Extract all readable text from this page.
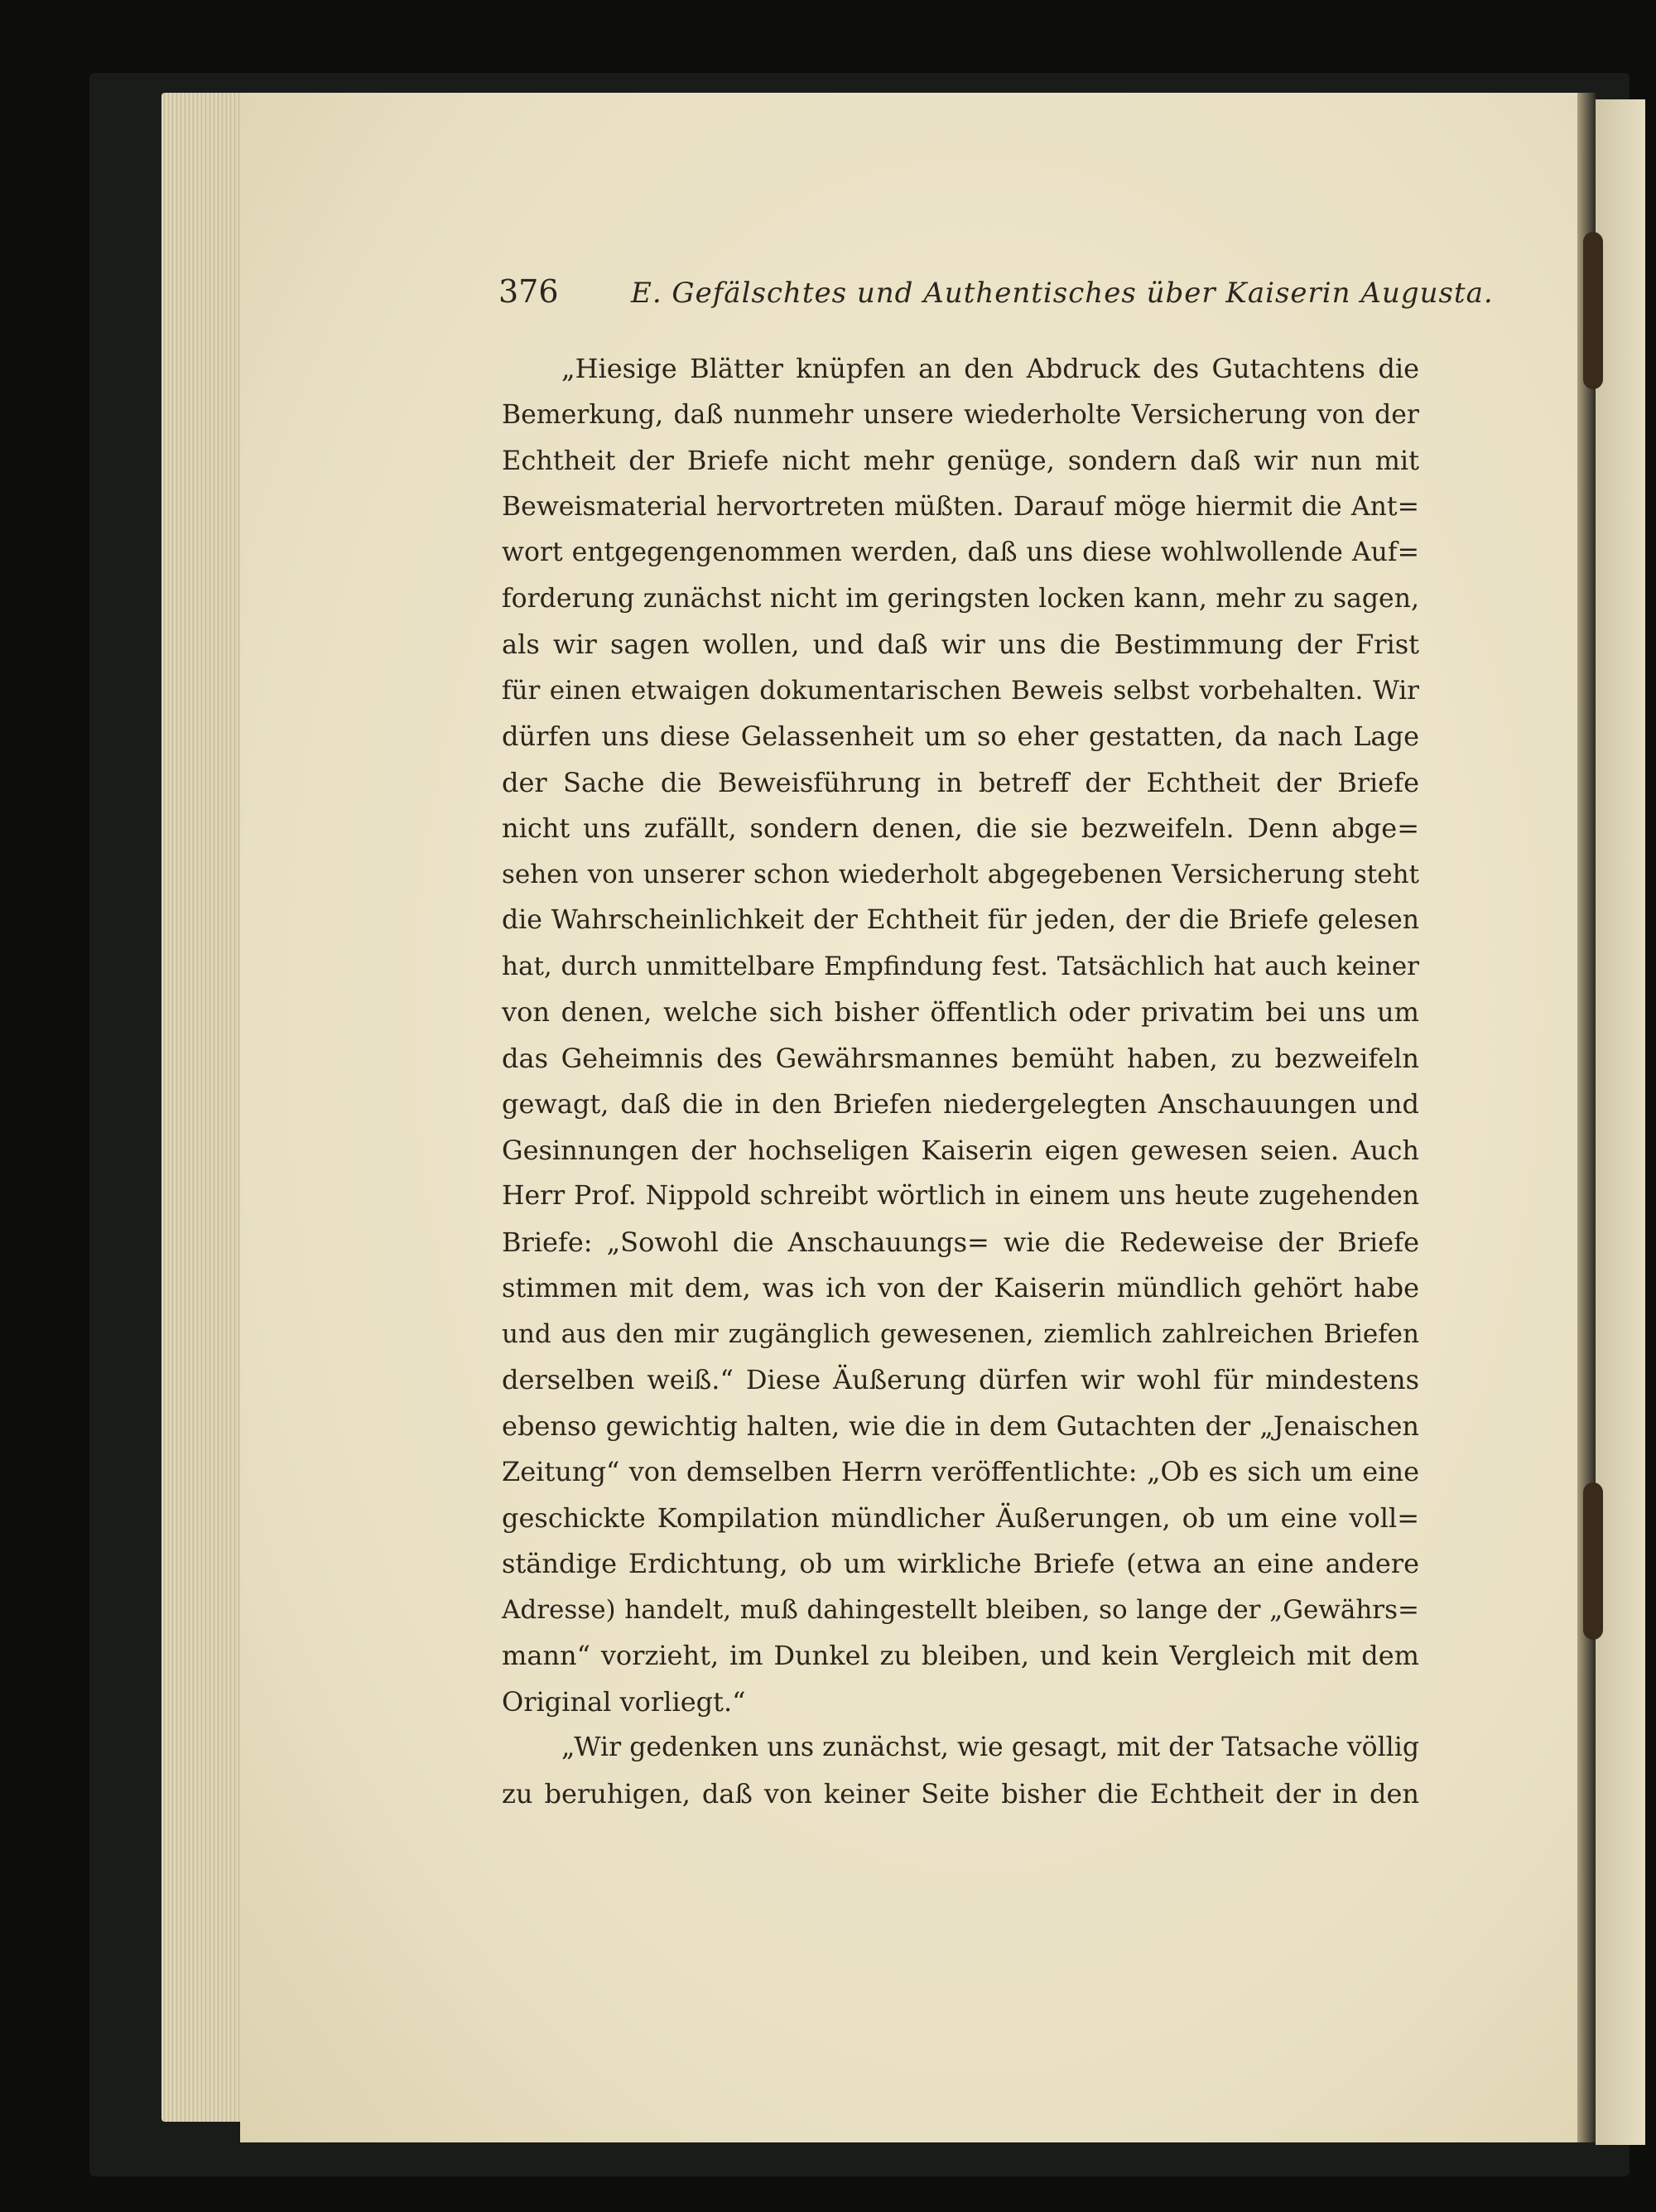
376	E. Gefälschtes und Authentisches über Kaiserin Augusta.
„Hiesige Blätter knüpfen an den Abdruck des Gutachtens die
Bemerkung, daß nunmehr unsere wiederholte Versicherung von der
Echtheit der Briefe nicht mehr genüge, sondern daß wir nun mit
Beweismaterial hervortreten müßten. Darauf möge hiermit die Ant=
wort entgegengenommen werden, daß uns diese wohlwollende Auf=
forderung zunächst nicht im geringsten locken kann, mehr zu sagen,
als wir sagen wollen, und daß wir uns die Bestimmung der Frist
für einen etwaigen dokumentarischen Beweis selbst vorbehalten. Wir
dürfen uns diese Gelassenheit um so eher gestatten, da nach Lage
der Sache die Beweisführung in betreff der Echtheit der Briefe
nicht uns zufällt, sondern denen, die sie bezweifeln. Denn abge=
sehen von unserer schon wiederholt abgegebenen Versicherung steht
die Wahrscheinlichkeit der Echtheit für jeden, der die Briefe gelesen
hat, durch unmittelbare Empfindung fest. Tatsächlich hat auch keiner
von denen, welche sich bisher öffentlich oder privatim bei uns um
das Geheimnis des Gewährsmannes bemüht haben, zu bezweifeln
gewagt, daß die in den Briefen niedergelegten Anschauungen und
Gesinnungen der hochseligen Kaiserin eigen gewesen seien. Auch
Herr Prof. Nippold schreibt wörtlich in einem uns heute zugehenden
Briefe: „Sowohl die Anschauungs= wie die Redeweise der Briefe
stimmen mit dem, was ich von der Kaiserin mündlich gehört habe
und aus den mir zugänglich gewesenen, ziemlich zahlreichen Briefen
derselben weiß.“ Diese Äußerung dürfen wir wohl für mindestens
ebenso gewichtig halten, wie die in dem Gutachten der „Jenaischen
Zeitung“ von demselben Herrn veröffentlichte: „Ob es sich um eine
geschickte Kompilation mündlicher Äußerungen, ob um eine voll=
ständige Erdichtung, ob um wirkliche Briefe (etwa an eine andere
Adresse) handelt, muß dahingestellt bleiben, so lange der „Gewährs=
mann“ vorzieht, im Dunkel zu bleiben, und kein Vergleich mit dem
Original vorliegt.“
„Wir gedenken uns zunächst, wie gesagt, mit der Tatsache völlig
zu beruhigen, daß von keiner Seite bisher die Echtheit der in den
